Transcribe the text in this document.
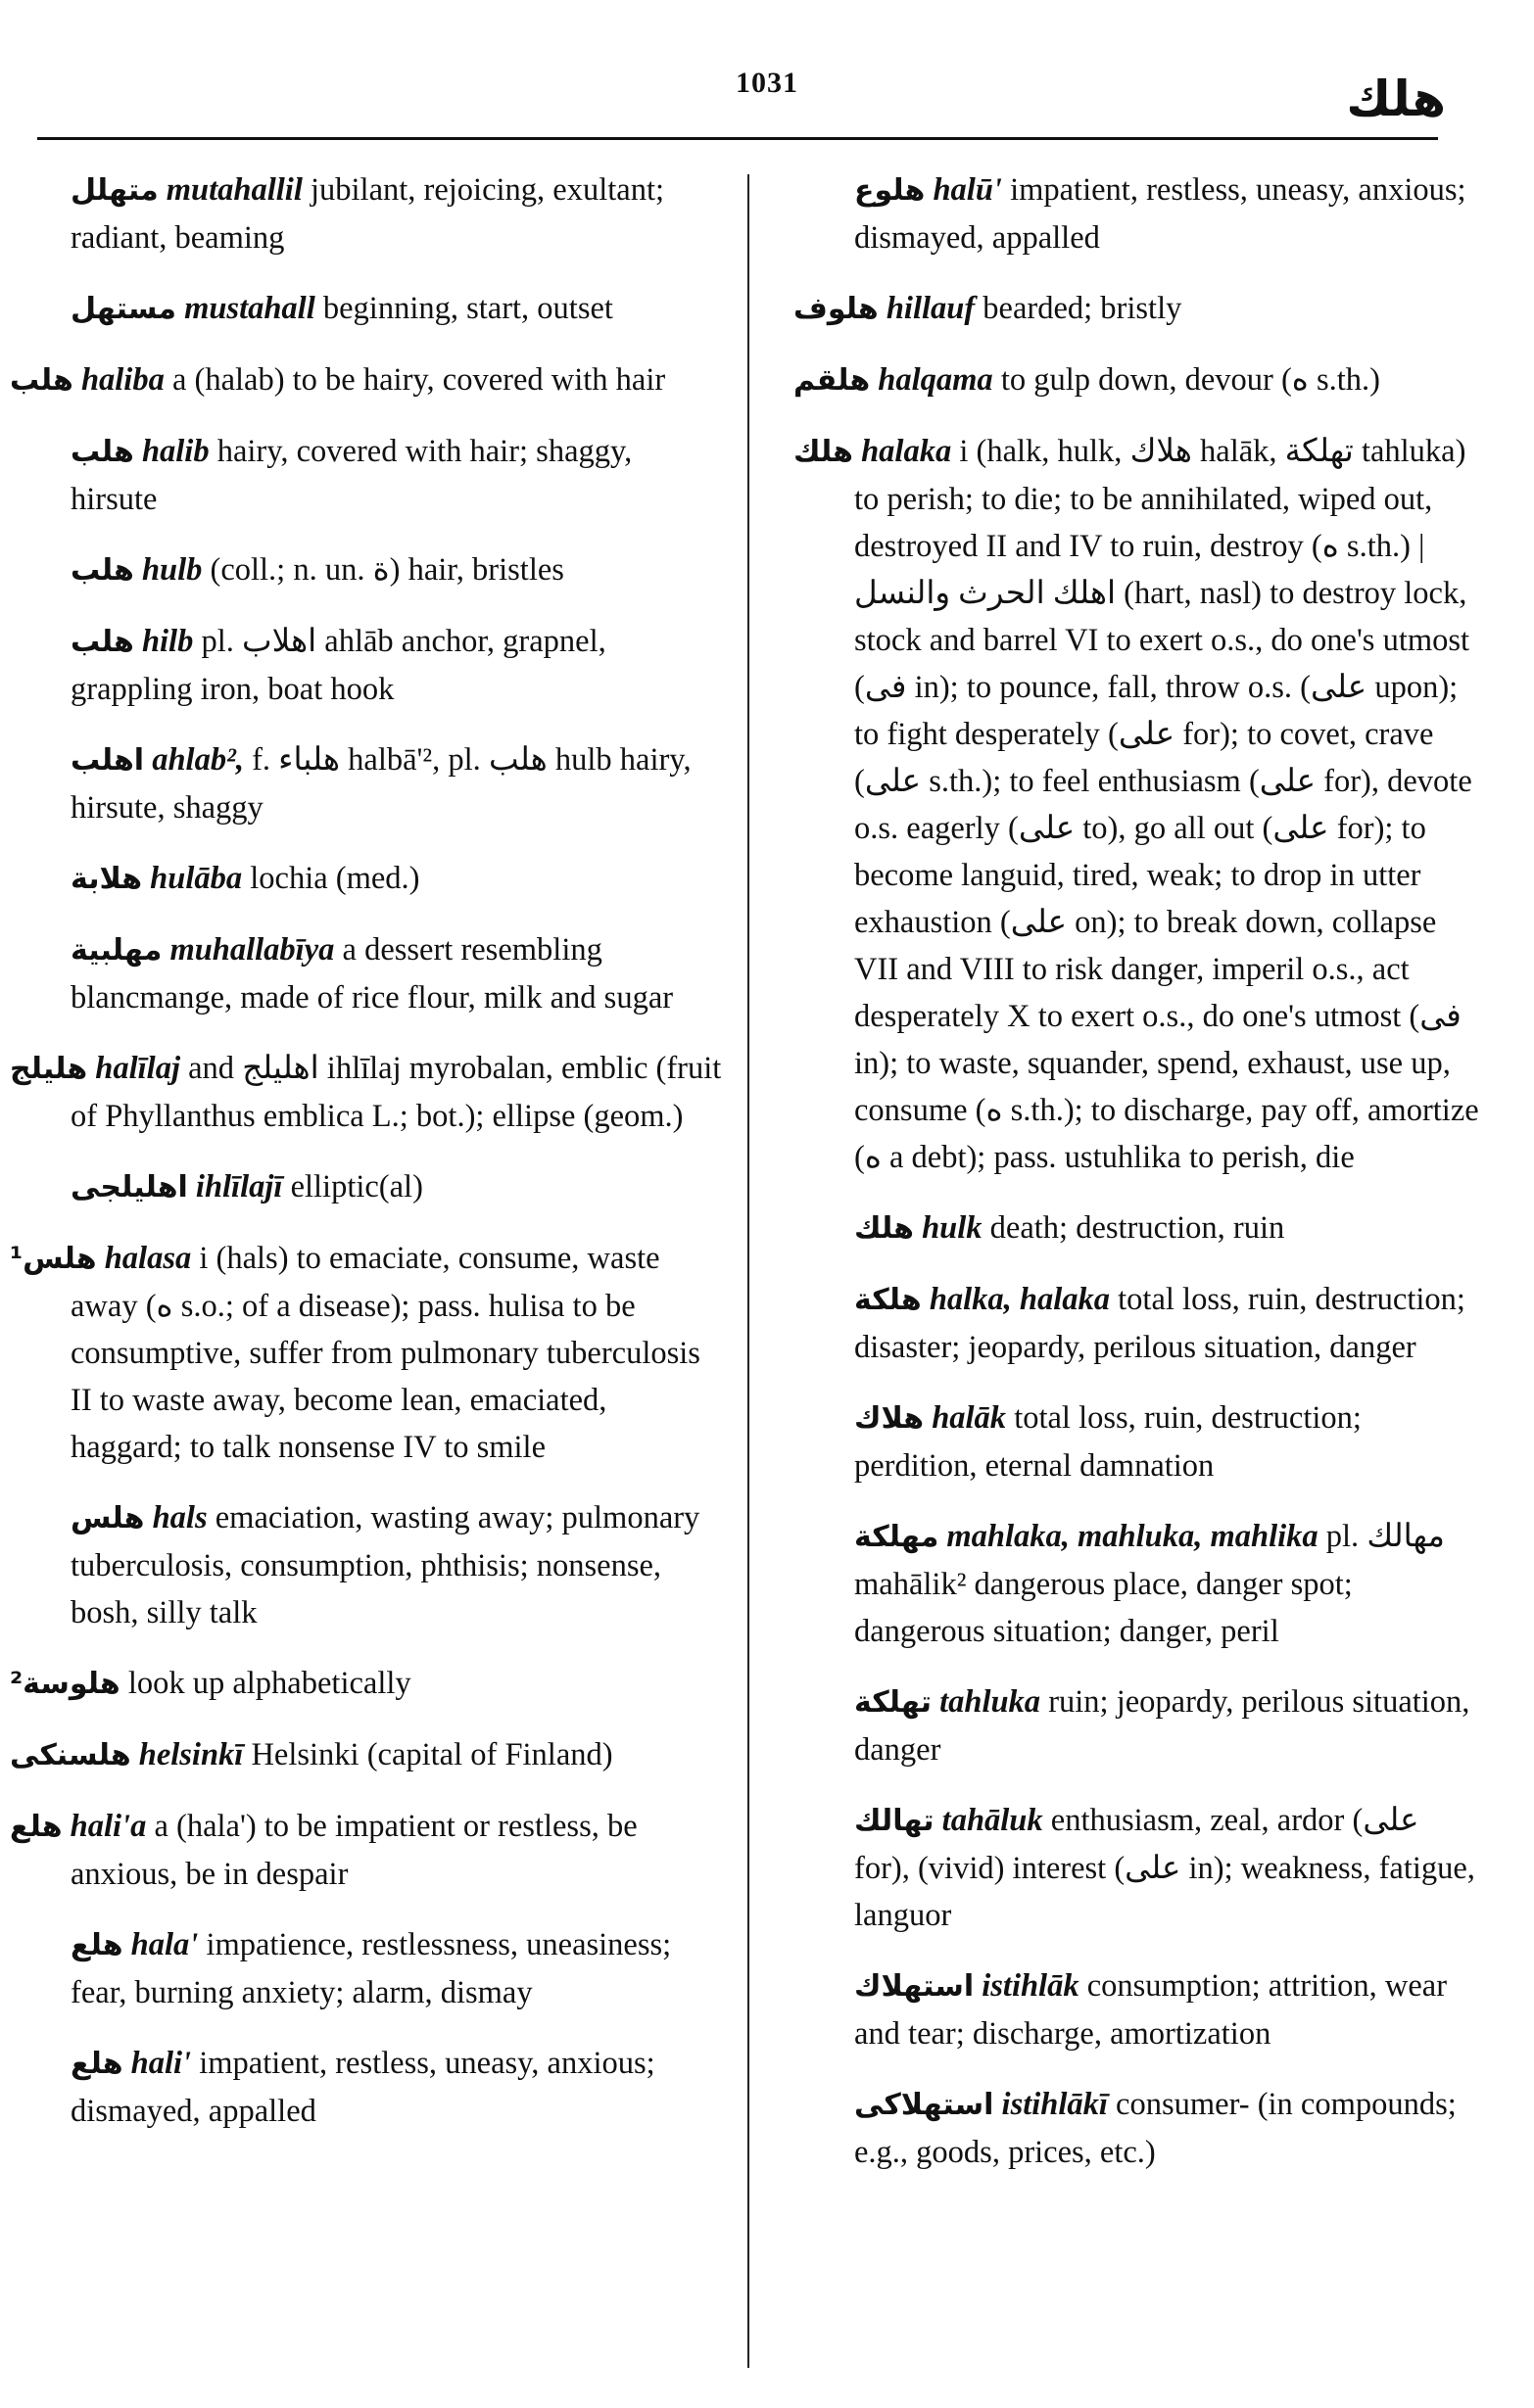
1031	هلك

متهلل mutahallil jubilant, rejoicing, exultant; radiant, beaming

مستهل mustahall beginning, start, outset

هلب haliba a (halab) to be hairy, covered with hair

هلب halib hairy, covered with hair; shaggy, hirsute

هلب hulb (coll.; n. un. ة) hair, bristles

هلب hilb pl. اهلاب ahlāb anchor, grapnel, grappling iron, boat hook

اهلب ahlab², f. هلباء halbā'², pl. هلب hulb hairy, hirsute, shaggy

هلابة hulāba lochia (med.)

مهلبية muhallabīya a dessert resembling blancmange, made of rice flour, milk and sugar

هليلج halīlaj and اهليلج ihlīlaj myrobalan, emblic (fruit of Phyllanthus emblica L.; bot.); ellipse (geom.)

اهليلجى ihlīlajī elliptic(al)

هلس¹ halasa i (hals) to emaciate, consume, waste away (ه s.o.; of a disease); pass. hulisa to be consumptive, suffer from pulmonary tuberculosis II to waste away, become lean, emaciated, haggard; to talk nonsense IV to smile

هلس hals emaciation, wasting away; pulmonary tuberculosis, consumption, phthisis; nonsense, bosh, silly talk

هلوسة² look up alphabetically

هلسنكى helsinkī Helsinki (capital of Finland)

هلع hali'a a (hala') to be impatient or restless, be anxious, be in despair

هلع hala' impatience, restlessness, uneasiness; fear, burning anxiety; alarm, dismay

هلع hali' impatient, restless, uneasy, anxious; dismayed, appalled

هلوع halū' impatient, restless, uneasy, anxious; dismayed, appalled

هلوف hillauf bearded; bristly

هلقم halqama to gulp down, devour (ه s.th.)

هلك halaka i (halk, hulk, هلاك halāk, تهلكة tahluka) to perish; to die; to be annihilated, wiped out, destroyed II and IV to ruin, destroy (ه s.th.) | اهلك الحرث والنسل (hart, nasl) to destroy lock, stock and barrel VI to exert o.s., do one's utmost (فى in); to pounce, fall, throw o.s. (على upon); to fight desperately (على for); to covet, crave (على s.th.); to feel enthusiasm (على for), devote o.s. eagerly (على to), go all out (على for); to become languid, tired, weak; to drop in utter exhaustion (على on); to break down, collapse VII and VIII to risk danger, imperil o.s., act desperately X to exert o.s., do one's utmost (فى in); to waste, squander, spend, exhaust, use up, consume (ه s.th.); to discharge, pay off, amortize (ه a debt); pass. ustuhlika to perish, die

هلك hulk death; destruction, ruin

هلكة halka, halaka total loss, ruin, destruction; disaster; jeopardy, perilous situation, danger

هلاك halāk total loss, ruin, destruction; perdition, eternal damnation

مهلكة mahlaka, mahluka, mahlika pl. مهالك mahālik² dangerous place, danger spot; dangerous situation; danger, peril

تهلكة tahluka ruin; jeopardy, perilous situation, danger

تهالك tahāluk enthusiasm, zeal, ardor (على for), (vivid) interest (على in); weakness, fatigue, languor

استهلاك istihlāk consumption; attrition, wear and tear; discharge, amortization

استهلاكى istihlākī consumer- (in compounds; e.g., goods, prices, etc.)
